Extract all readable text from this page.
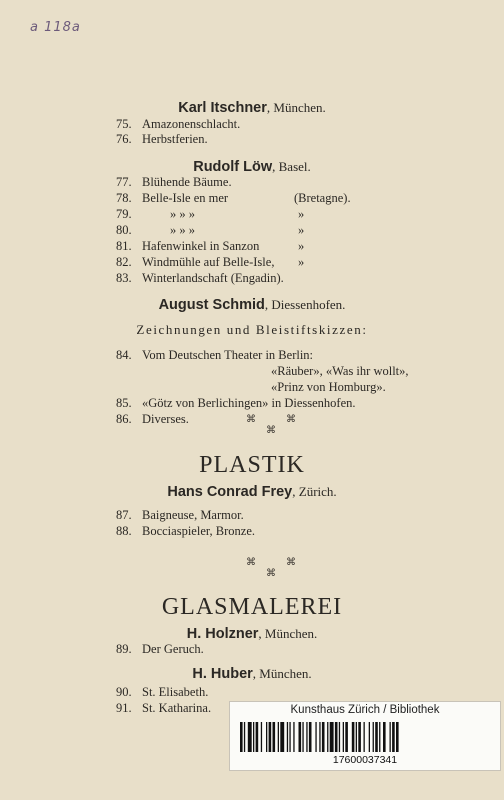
a 118a
Karl Itschner, München.
75. Amazonenschlacht.
76. Herbstferien.
Rudolf Löw, Basel.
77. Blühende Bäume.
78. Belle-Isle en mer	(Bretagne).
79.	» » »	»
80.	» » »	»
81. Hafenwinkel in Sanzon	»
82. Windmühle auf Belle-Isle, »
83. Winterlandschaft (Engadin).
August Schmid, Diessenhofen.
Zeichnungen und Bleistiftskizzen:
84. Vom Deutschen Theater in Berlin:
«Räuber», «Was ihr wollt»,
«Prinz von Homburg».
85. «Götz von Berlichingen» in Diessenhofen.
86. Diverses.	⌘	⌘
⌘
PLASTIK
Hans Conrad Frey, Zürich.
87. Baigneuse, Marmor.
88. Bocciaspieler, Bronze.
⌘	⌘
⌘
GLASMALEREI
H. Holzner, München.
89. Der Geruch.
H. Huber, München.
90. St. Elisabeth.
91. St. Katharina.	Kunsthaus Zürich / Bibliothek
17600037341
